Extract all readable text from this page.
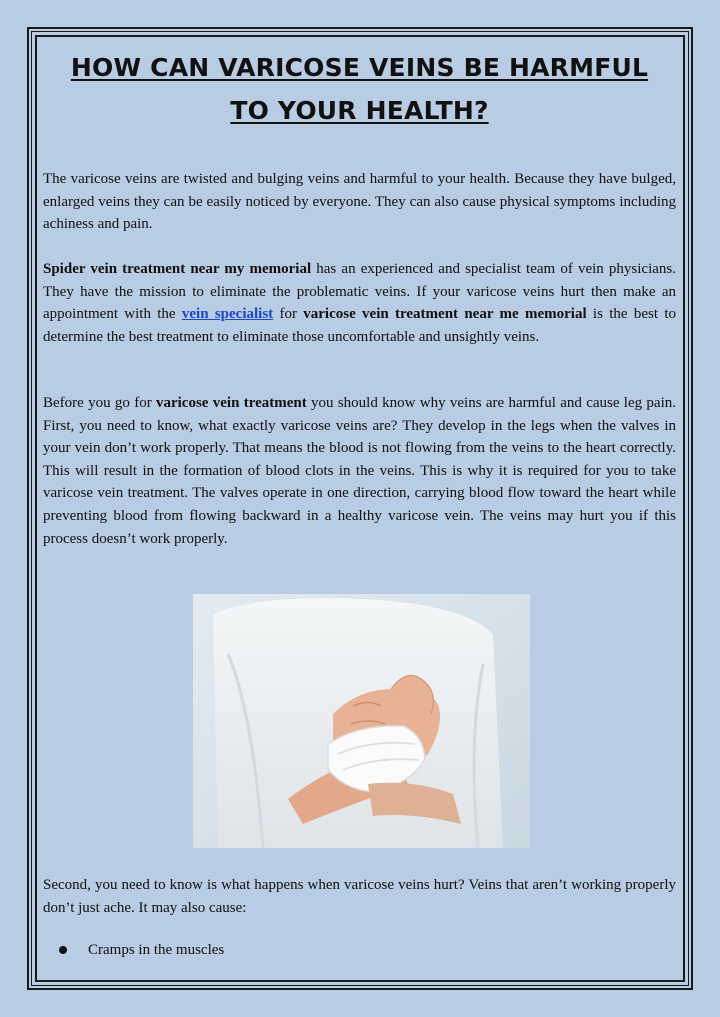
HOW CAN VARICOSE VEINS BE HARMFUL
TO YOUR HEALTH?

The varicose veins are twisted and bulging veins and harmful to your health. Because they have bulged, enlarged veins they can be easily noticed by everyone. They can also cause physical symptoms including achiness and pain.

Spider vein treatment near my memorial has an experienced and specialist team of vein physicians. They have the mission to eliminate the problematic veins. If your varicose veins hurt then make an appointment with the vein specialist for varicose vein treatment near me memorial is the best to determine the best treatment to eliminate those uncomfortable and unsightly veins.

Before you go for varicose vein treatment you should know why veins are harmful and cause leg pain. First, you need to know, what exactly varicose veins are? They develop in the legs when the valves in your vein don’t work properly. That means the blood is not flowing from the veins to the heart correctly. This will result in the formation of blood clots in the veins. This is why it is required for you to take varicose vein treatment. The valves operate in one direction, carrying blood flow toward the heart while preventing blood from flowing backward in a healthy varicose vein. The veins may hurt you if this process doesn’t work properly.

Second, you need to know is what happens when varicose veins hurt? Veins that aren’t working properly don’t just ache. It may also cause:

Cramps in the muscles
